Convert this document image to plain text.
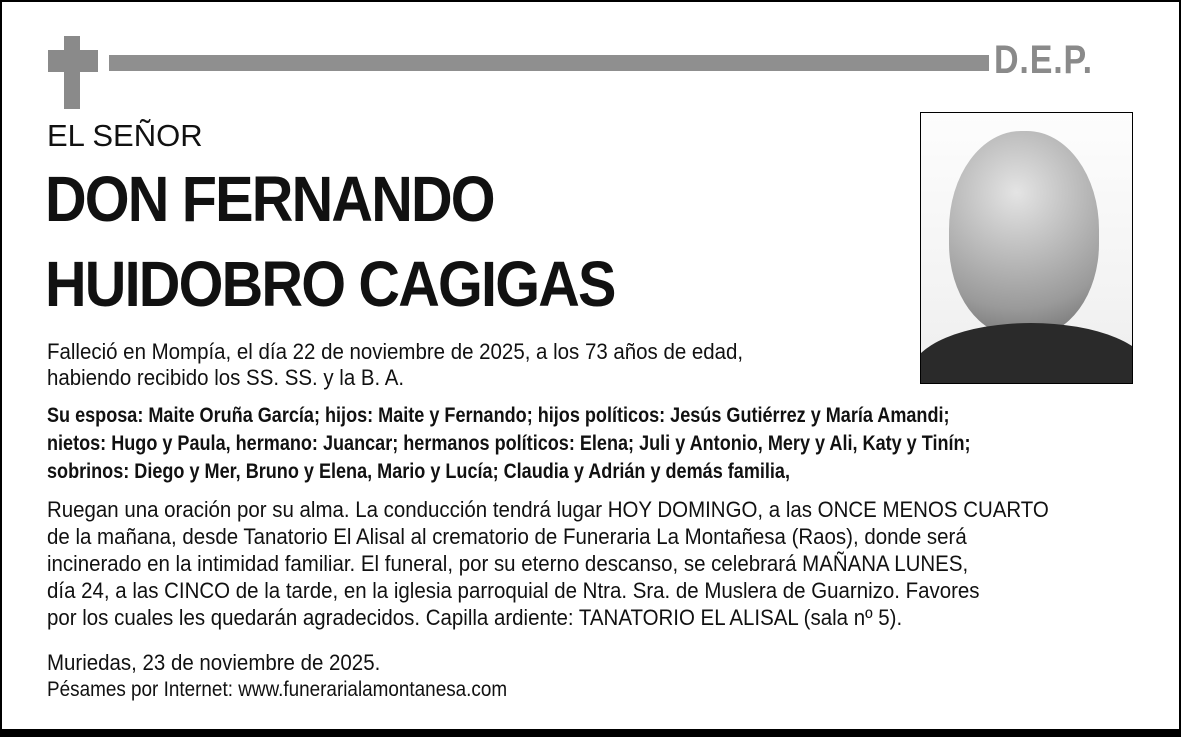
D.E.P.
EL SEÑOR
DON FERNANDO
HUIDOBRO CAGIGAS
Falleció en Mompía, el día 22 de noviembre de 2025, a los 73 años de edad,
habiendo recibido los SS. SS. y la B. A.
Su esposa: Maite Oruña García; hijos: Maite y Fernando; hijos políticos: Jesús Gutiérrez y María Amandi;
nietos: Hugo y Paula, hermano: Juancar; hermanos políticos: Elena; Juli y Antonio, Mery y Ali, Katy y Tinín;
sobrinos: Diego y Mer, Bruno y Elena, Mario y Lucía; Claudia y Adrián y demás familia,
Ruegan una oración por su alma. La conducción tendrá lugar HOY DOMINGO, a las ONCE MENOS CUARTO
de la mañana, desde Tanatorio El Alisal al crematorio de Funeraria La Montañesa (Raos), donde será
incinerado en la intimidad familiar. El funeral, por su eterno descanso, se celebrará MAÑANA LUNES,
día 24, a las CINCO de la tarde, en la iglesia parroquial de Ntra. Sra. de Muslera de Guarnizo. Favores
por los cuales les quedarán agradecidos. Capilla ardiente: TANATORIO EL ALISAL (sala nº 5).
Muriedas, 23 de noviembre de 2025.
Pésames por Internet: www.funerarialamontanesa.com
